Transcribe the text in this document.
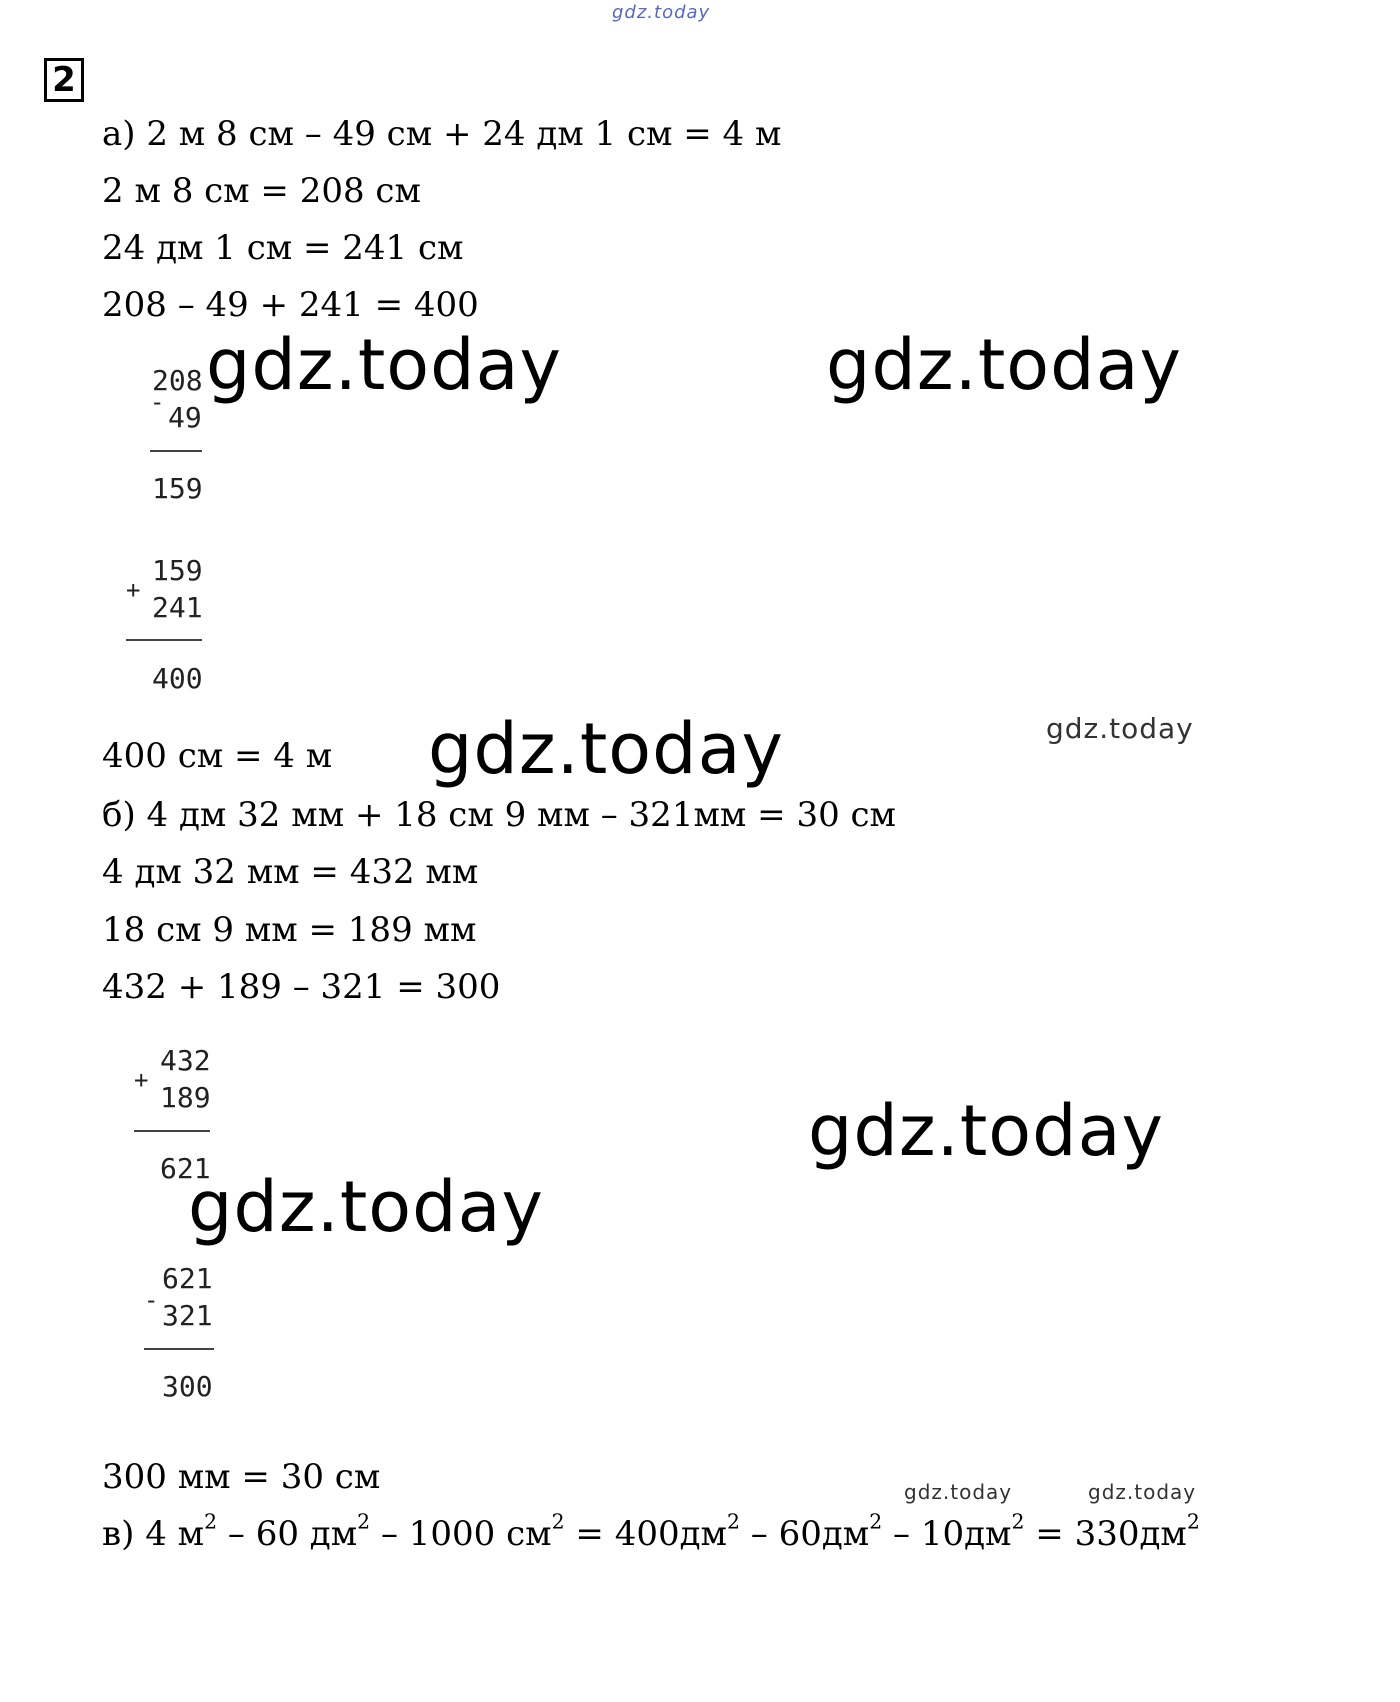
gdz.today
2
а) 2 м 8 см – 49 см + 24 дм 1 см = 4 м
2 м 8 см = 208 см
24 дм 1 см = 241 см
208 – 49 + 241 = 400
208
- 49
159
159
+
241
400
400 см = 4 м
б) 4 дм 32 мм + 18 см 9 мм – 321мм = 30 см
4 дм 32 мм = 432 мм
18 см 9 мм = 189 мм
432 + 189 – 321 = 300
432
+
189
621
621
- 321
300
300 мм = 30 см
в) 4 $м^2 - 60$ $дм^2 - 1000$ $см^2 = 400дм^2 - 60дм^2 - 10дм^2 = 330дм^2$
gdz.today	gdz.today
gdz.today	gdz.today
gdz.today
gdz.today
gdz.today	gdz.today
